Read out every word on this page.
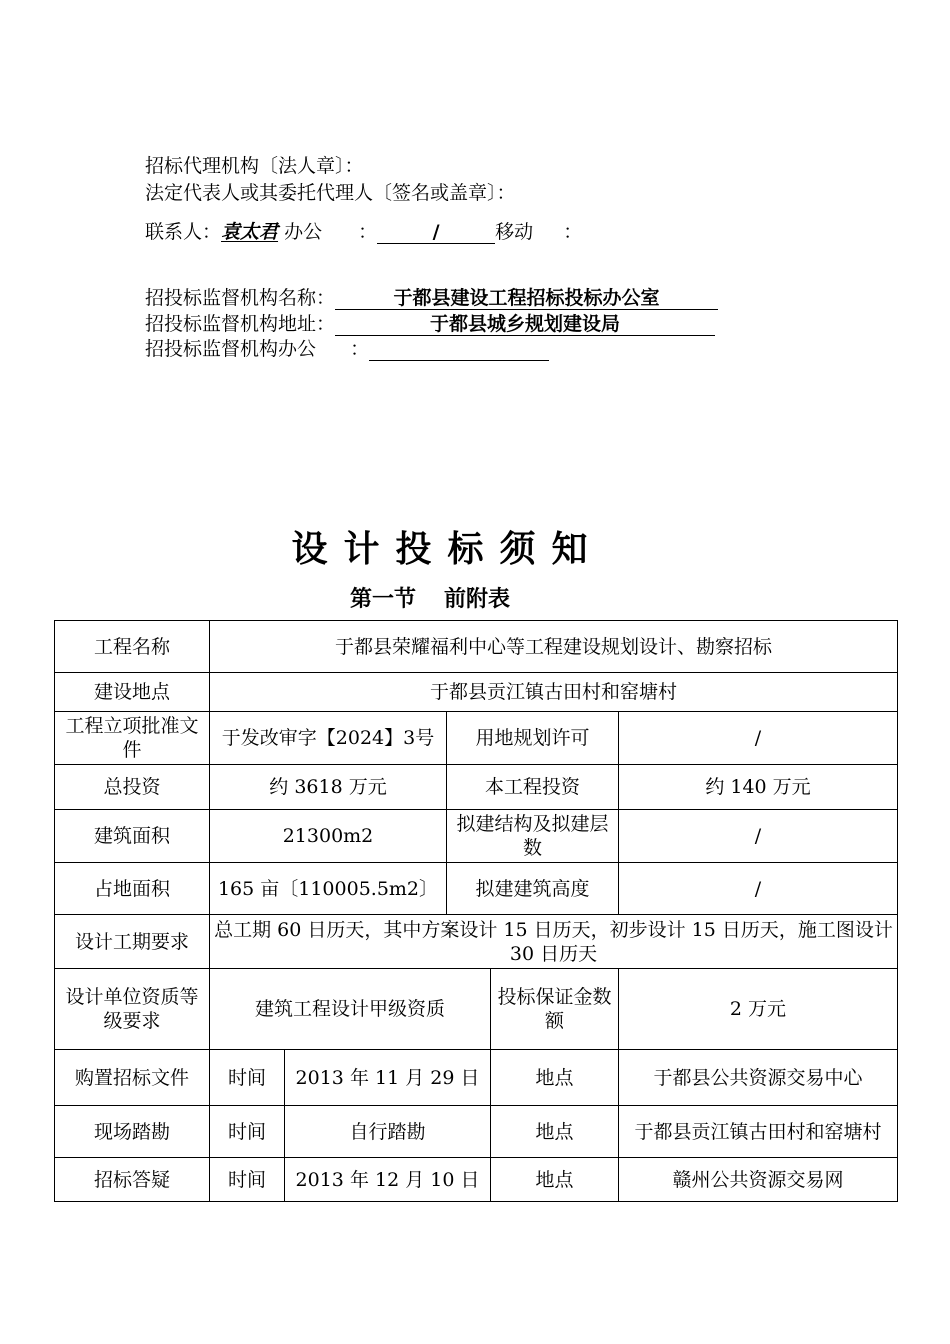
招标代理机构〔法人章〕：
法定代表人或其委托代理人〔签名或盖章〕：
联系人：袁太君 办公 ：	/	移动 ：
招投标监督机构名称：	于都县建设工程招标投标办公室
招投标监督机构地址：	于都县城乡规划建设局
招投标监督机构办公 ：
设计投标须知
第一节 前附表
工程名称	于都县荣耀福利中心等工程建设规划设计、勘察招标				
建设地点	于都县贡江镇古田村和窑塘村				
工程立项批准文件	于发改审字【2024】3号		用地规划许可		/
总投资	约 3618 万元		本工程投资		约 140 万元
建筑面积	21300m2		拟建结构及拟建层数		/
占地面积	165 亩〔110005.5m2〕		拟建建筑高度		/
设计工期要求	总工期 60 日历天，其中方案设计 15 日历天，初步设计 15 日历天，施工图设计 30 日历天				
设计单位资质等级要求	建筑工程设计甲级资质			投标保证金数额	2 万元
购置招标文件	时间	2013 年 11 月 29 日		地点	于都县公共资源交易中心
现场踏勘	时间	自行踏勘		地点	于都县贡江镇古田村和窑塘村
招标答疑	时间	2013 年 12 月 10 日		地点	赣州公共资源交易网
